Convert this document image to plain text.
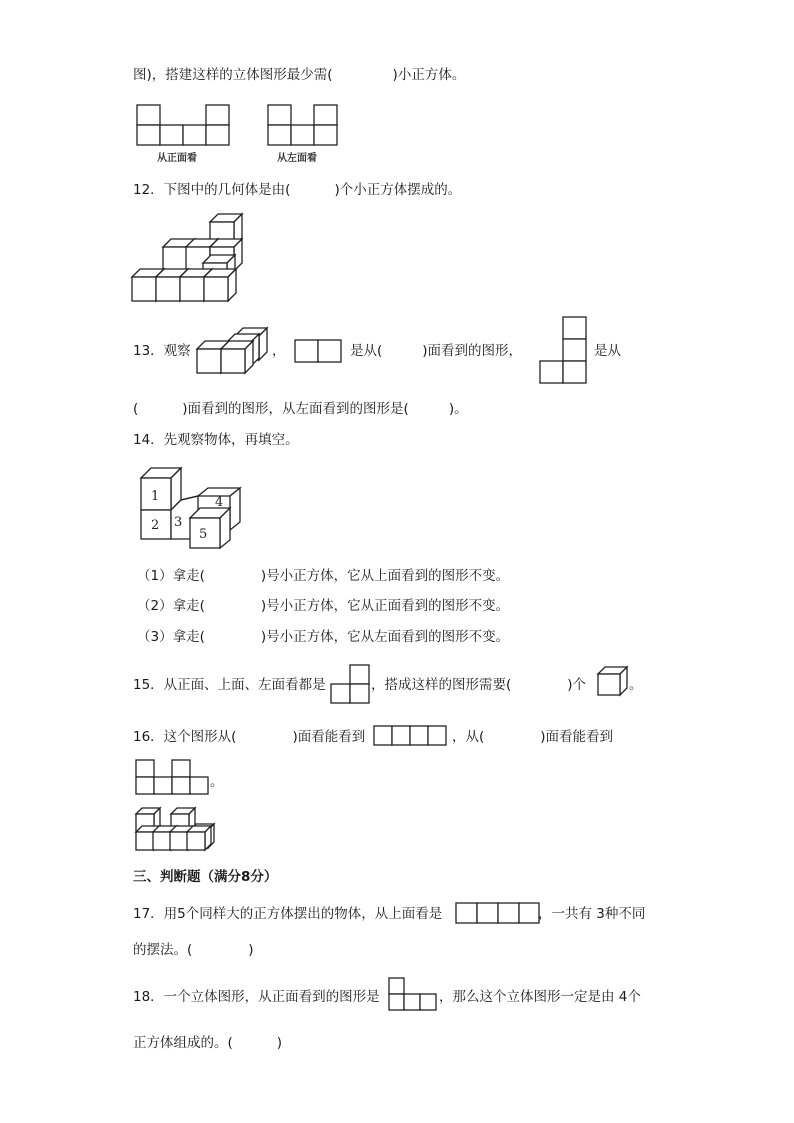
图)，搭建这样的立体图形最少需(	)小正方体。
从正面看	从左面看
12．下图中的几何体是由(	)个小正方体摆成的。
13．观察	，	是从(	)面看到的图形，	是从
(	)面看到的图形，从左面看到的图形是(	)。
14．先观察物体，再填空。
1
2 3
4
5
（1）拿走(	)号小正方体，它从上面看到的图形不变。
（2）拿走(	)号小正方体，它从正面看到的图形不变。
（3）拿走(	)号小正方体，它从左面看到的图形不变。
15．从正面、上面、左面看都是	，搭成这样的图形需要(	)个	。
16．这个图形从(	)面看能看到	，从(	)面看能看到
。
三、判断题（满分8分）
17．用5个同样大的正方体摆出的物体，从上面看是	，一共有 3种不同
的摆法。(	)
18．一个立体图形，从正面看到的图形是	，那么这个立体图形一定是由 4个
正方体组成的。(	)
